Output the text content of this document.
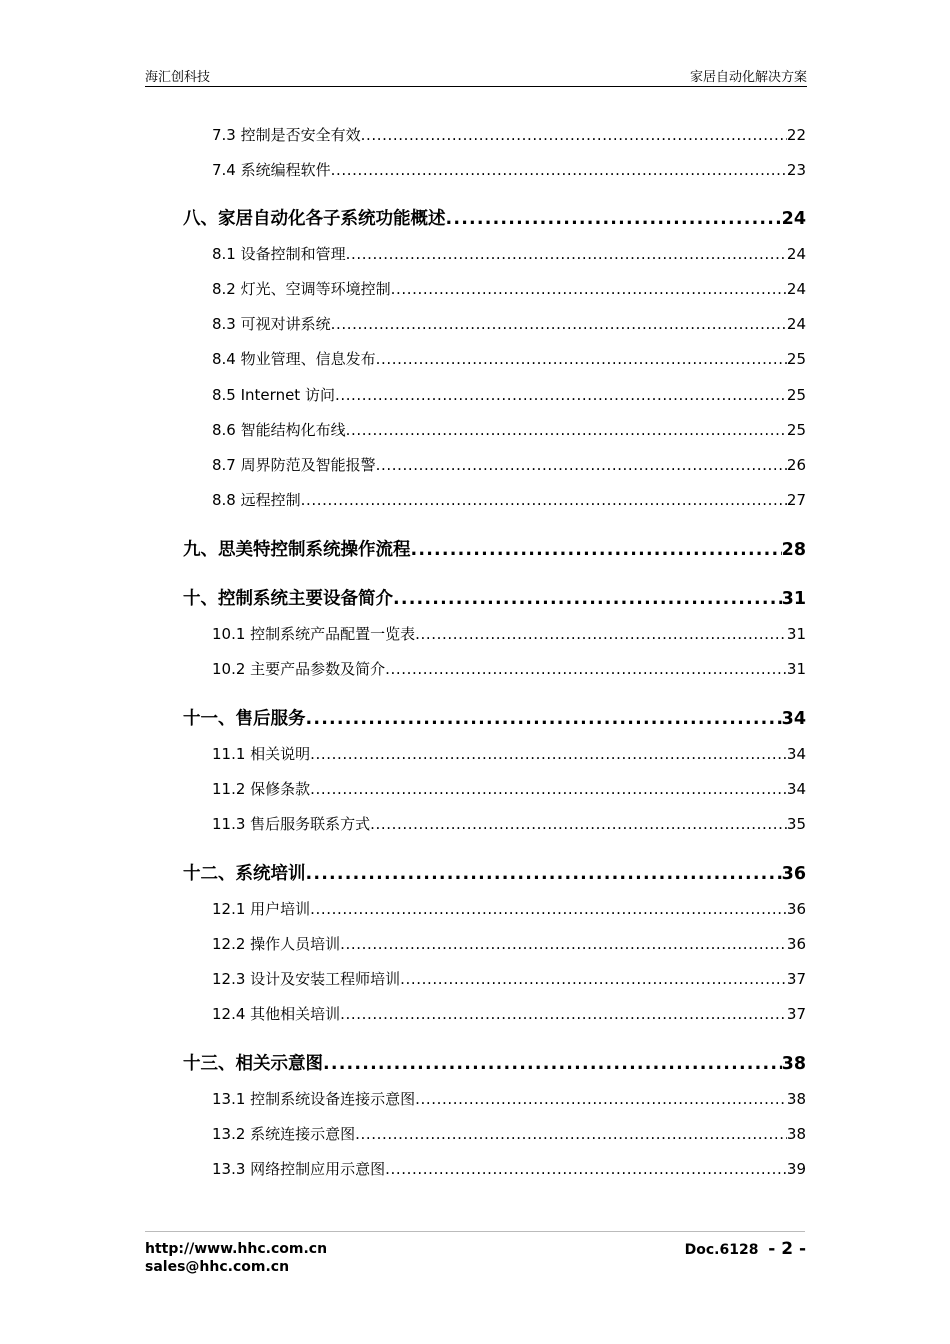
海汇创科技	家居自动化解决方案
7.3 控制是否安全有效 .....	22
7.4 系统编程软件 .....	23
八、家居自动化各子系统功能概述 .....	24
8.1 设备控制和管理 .....	24
8.2 灯光、空调等环境控制 .....	24
8.3 可视对讲系统 .....	24
8.4 物业管理、信息发布 .....	25
8.5 Internet 访问 .....	25
8.6 智能结构化布线 .....	25
8.7 周界防范及智能报警 .....	26
8.8 远程控制 .....	27
九、思美特控制系统操作流程 .....	28
十、控制系统主要设备简介 .....	31
10.1 控制系统产品配置一览表 .....	31
10.2 主要产品参数及简介 .....	31
十一、售后服务 .....	34
11.1 相关说明 .....	34
11.2 保修条款 .....	34
11.3 售后服务联系方式 .....	35
十二、系统培训 .....	36
12.1 用户培训 .....	36
12.2 操作人员培训 .....	36
12.3 设计及安装工程师培训 .....	37
12.4 其他相关培训 .....	37
十三、相关示意图 .....	38
13.1 控制系统设备连接示意图 .....	38
13.2 系统连接示意图 .....	38
13.3 网络控制应用示意图 .....	39
http://www.hhc.com.cn
sales@hhc.com.cn
Doc.6128 - 2 -
